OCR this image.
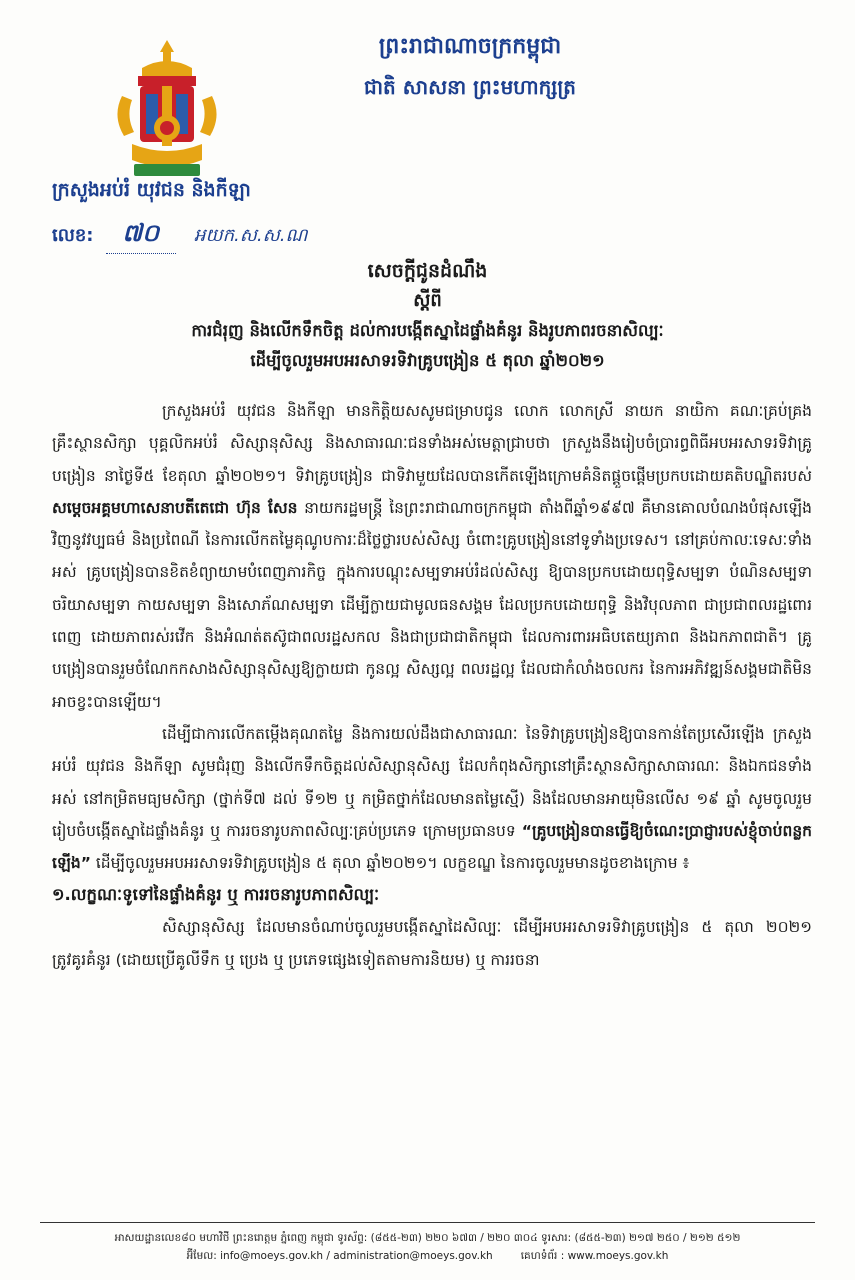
ព្រះរាជាណាចក្រកម្ពុជា
ជាតិ សាសនា ព្រះមហាក្សត្រ
ក្រសួងអប់រំ យុវជន និងកីឡា
លេខ: ៧០ អយក.ស.ស.ណ
សេចក្តីជូនដំណឹង
ស្តីពី
ការជំរុញ និងលើកទឹកចិត្ត ដល់ការបង្កើតស្នាដៃផ្ទាំងគំនូរ និងរូបភាពរចនាសិល្បៈ
ដើម្បីចូលរួមអបអរសាទរទិវាគ្រូបង្រៀន ៥ តុលា ឆ្នាំ២០២១

ក្រសួងអប់រំ យុវជន និងកីឡា មានកិត្តិយសសូមជម្រាបជូន លោក លោកស្រី នាយក នាយិកា គណៈគ្រប់គ្រង គ្រឹះស្ថានសិក្សា បុគ្គលិកអប់រំ សិស្សានុសិស្ស និងសាធារណៈជនទាំងអស់មេត្តាជ្រាបថា ក្រសួងនឹងរៀបចំប្រារព្ធពិធីអបអរសាទរទិវាគ្រូបង្រៀន នាថ្ងៃទី៥ ខែតុលា ឆ្នាំ២០២១។ ទិវាគ្រូបង្រៀន ជាទិវាមួយដែលបានកើតឡើងក្រោមគំនិតផ្តួចផ្តើមប្រកបដោយគតិបណ្ឌិតរបស់ សម្តេចអគ្គមហាសេនាបតីតេជោ ហ៊ុន សែន នាយករដ្ឋមន្ត្រី នៃព្រះរាជាណាចក្រកម្ពុជា តាំងពីឆ្នាំ១៩៩៧ គឺមានគោលបំណងបំផុសឡើងវិញនូវវប្បធម៌ និងប្រពៃណី នៃការលើកតម្លៃគុណូបការៈដ៏ថ្លៃថ្លារបស់សិស្ស ចំពោះគ្រូបង្រៀននៅទូទាំងប្រទេស។ នៅគ្រប់កាលៈទេសៈទាំងអស់ គ្រូបង្រៀនបានខិតខំព្យាយាមបំពេញភារកិច្ច ក្នុងការបណ្តុះសម្បទាអប់រំដល់សិស្ស ឱ្យបានប្រកបដោយពុទ្ធិសម្បទា បំណិនសម្បទា ចរិយាសម្បទា កាយសម្បទា និងសោភ័ណសម្បទា ដើម្បីក្លាយជាមូលធនសង្គម ដែលប្រកបដោយពុទ្ធិ និងវិបុលភាព ជាប្រជាពលរដ្ឋពោរពេញ ដោយភាពរស់រវើក និងអំណត់តស៊ូជាពលរដ្ឋសកល និងជាប្រជាជាតិកម្ពុជា ដែលការពារអធិបតេយ្យភាព និងឯកភាពជាតិ។ គ្រូបង្រៀនបានរួមចំណែកកសាងសិស្សានុសិស្សឱ្យក្លាយជា កូនល្អ សិស្សល្អ ពលរដ្ឋល្អ ដែលជាកំលាំងចលករ នៃការអភិវឌ្ឍន៍សង្គមជាតិមិនអាចខ្វះបានឡើយ។

ដើម្បីជាការលើកតម្កើងគុណតម្លៃ និងការយល់ដឹងជាសាធារណៈ នៃទិវាគ្រូបង្រៀនឱ្យបានកាន់តែប្រសើរឡើង ក្រសួងអប់រំ យុវជន និងកីឡា សូមជំរុញ និងលើកទឹកចិត្តដល់សិស្សានុសិស្ស ដែលកំពុងសិក្សានៅគ្រឹះស្ថានសិក្សាសាធារណៈ និងឯកជនទាំងអស់ នៅកម្រិតមធ្យមសិក្សា (ថ្នាក់ទី៧ ដល់ ទី១២ ឬ កម្រិតថ្នាក់ដែលមានតម្លៃស្មើ) និងដែលមានអាយុមិនលើស ១៩ ឆ្នាំ សូមចូលរួមរៀបចំបង្កើតស្នាដៃផ្ទាំងគំនូរ ឬ ការរចនារូបភាពសិល្បៈគ្រប់ប្រភេទ ក្រោមប្រធានបទ “គ្រូបង្រៀនបានធ្វើឱ្យចំណេះប្រាជ្ញារបស់ខ្ញុំចាប់ពន្លកឡើង” ដើម្បីចូលរួមអបអរសាទរទិវាគ្រូបង្រៀន ៥ តុលា ឆ្នាំ២០២១។ លក្ខខណ្ឌ នៃការចូលរួមមានដូចខាងក្រោម ៖

១.លក្ខណៈទូទៅនៃផ្ទាំងគំនូរ ឬ ការរចនារូបភាពសិល្បៈ

សិស្សានុសិស្ស ដែលមានចំណាប់ចូលរួមបង្កើតស្នាដៃសិល្បៈ ដើម្បីអបអរសាទរទិវាគ្រូបង្រៀន ៥ តុលា ២០២១ ត្រូវគូរគំនូរ (ដោយប្រើគូលីទឹក ឬ ប្រេង ឬ ប្រភេទផ្សេងទៀតតាមការនិយម) ឬ ការរចនា

អាសយដ្ឋានលេខ៨០ មហាវិថី ព្រះនរោត្តម ភ្នំពេញ កម្ពុជា ទូរស័ព្ទ: (៨៥៥-២៣) ២២០ ៦៧៣ / ២២០ ៣០៤ ទូរសារ: (៨៥៥-២៣) ២១៧ ២៥០ / ២១២ ៥១២
អ៊ីមែល: info@moeys.gov.kh / administration@moeys.gov.kh	គេហទំព័រ : www.moeys.gov.kh
